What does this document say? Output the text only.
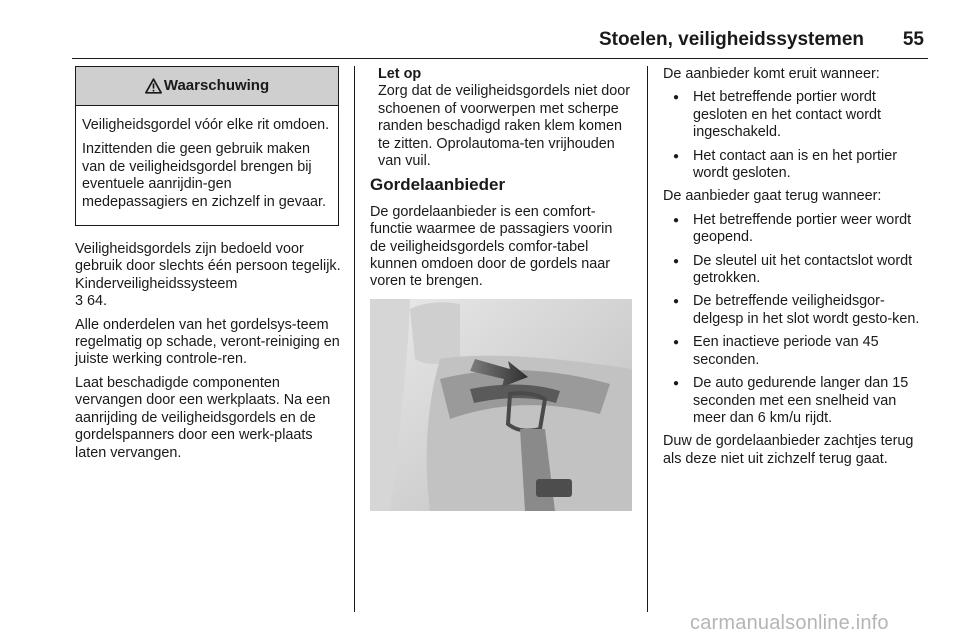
Stoelen, veiligheidssystemen 55
Waarschuwing

Veiligheidsgordel vóór elke rit omdoen.

Inzittenden die geen gebruik maken van de veiligheidsgordel brengen bij eventuele aanrijdin-gen medepassagiers en zichzelf in gevaar.

Veiligheidsgordels zijn bedoeld voor gebruik door slechts één persoon tegelijk. Kinderveiligheidssysteem
3 64.

Alle onderdelen van het gordelsys-teem regelmatig op schade, veront-reiniging en juiste werking controle-ren.

Laat beschadigde componenten vervangen door een werkplaats. Na een aanrijding de veiligheidsgordels en de gordelspanners door een werk-plaats laten vervangen.

Let op

Zorg dat de veiligheidsgordels niet door schoenen of voorwerpen met scherpe randen beschadigd raken klem komen te zitten. Oprolautoma-ten vrijhouden van vuil.

Gordelaanbieder

De gordelaanbieder is een comfort-functie waarmee de passagiers voorin de veiligheidsgordels comfor-tabel kunnen omdoen door de gordels naar voren te brengen.

De aanbieder komt eruit wanneer:

● Het betreffende portier wordt gesloten en het contact wordt ingeschakeld.
● Het contact aan is en het portier wordt gesloten.

De aanbieder gaat terug wanneer:

● Het betreffende portier weer wordt geopend.
● De sleutel uit het contactslot wordt getrokken.
● De betreffende veiligheidsgor-delgesp in het slot wordt gesto-ken.
● Een inactieve periode van 45 seconden.
● De auto gedurende langer dan 15 seconden met een snelheid van meer dan 6 km/u rijdt.

Duw de gordelaanbieder zachtjes terug als deze niet uit zichzelf terug gaat.

carmanualsonline.info
